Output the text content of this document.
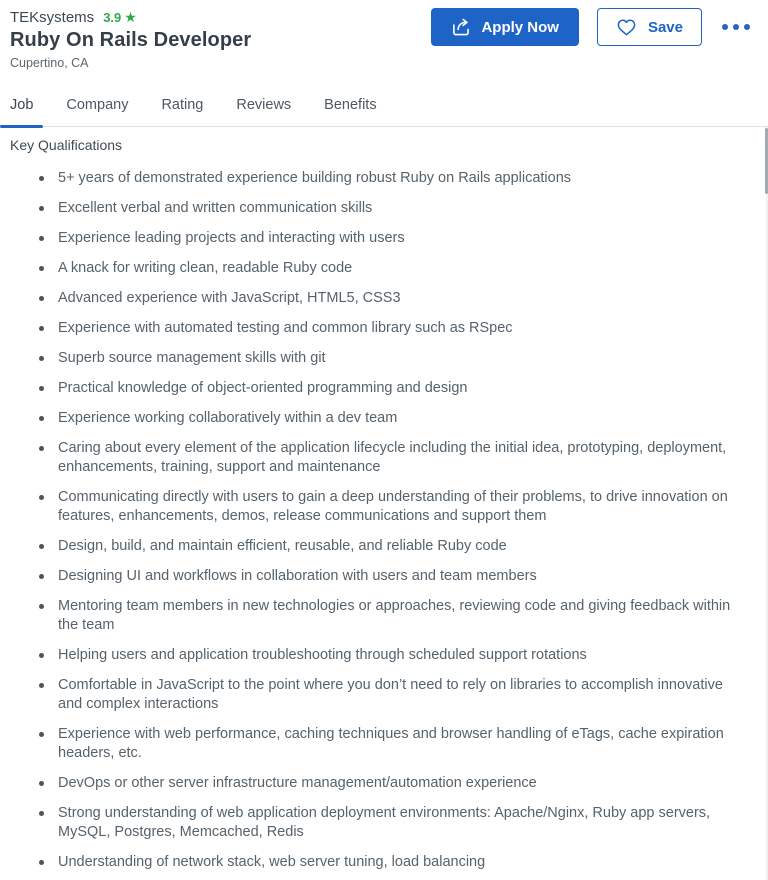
TEKsystems 3.9 ★
Ruby On Rails Developer
Cupertino, CA
Apply Now	Save
Job	Company	Rating	Reviews	Benefits
Key Qualifications
5+ years of demonstrated experience building robust Ruby on Rails applications
Excellent verbal and written communication skills
Experience leading projects and interacting with users
A knack for writing clean, readable Ruby code
Advanced experience with JavaScript, HTML5, CSS3
Experience with automated testing and common library such as RSpec
Superb source management skills with git
Practical knowledge of object-oriented programming and design
Experience working collaboratively within a dev team
Caring about every element of the application lifecycle including the initial idea, prototyping, deployment, enhancements, training, support and maintenance
Communicating directly with users to gain a deep understanding of their problems, to drive innovation on features, enhancements, demos, release communications and support them
Design, build, and maintain efficient, reusable, and reliable Ruby code
Designing UI and workflows in collaboration with users and team members
Mentoring team members in new technologies or approaches, reviewing code and giving feedback within the team
Helping users and application troubleshooting through scheduled support rotations
Comfortable in JavaScript to the point where you don’t need to rely on libraries to accomplish innovative and complex interactions
Experience with web performance, caching techniques and browser handling of eTags, cache expiration headers, etc.
DevOps or other server infrastructure management/automation experience
Strong understanding of web application deployment environments: Apache/Nginx, Ruby app servers, MySQL, Postgres, Memcached, Redis
Understanding of network stack, web server tuning, load balancing
